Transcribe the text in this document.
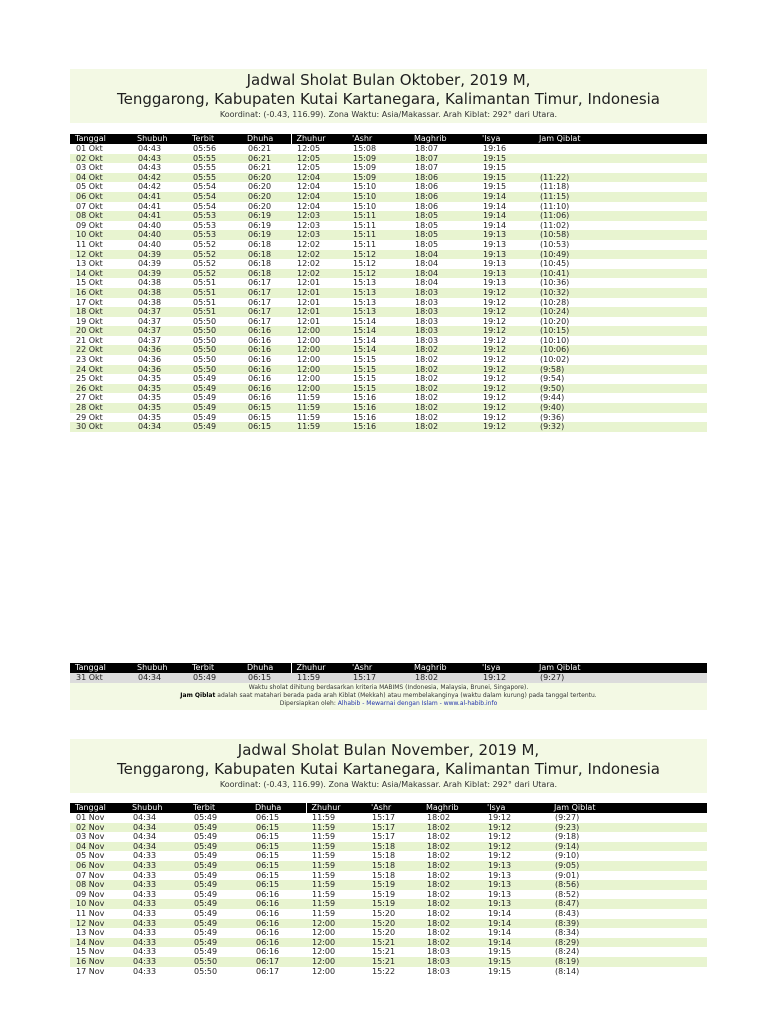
Jadwal Sholat Bulan Oktober, 2019 M,
Tenggarong, Kabupaten Kutai Kartanegara, Kalimantan Timur, Indonesia
Koordinat: (-0.43, 116.99). Zona Waktu: Asia/Makassar. Arah Kiblat: 292° dari Utara.
Tanggal	Shubuh	Terbit	Dhuha	Zhuhur	'Ashr	Maghrib	'Isya	Jam Qiblat
01 Okt	04:43	05:56	06:21	12:05	15:08	18:07	19:16	
02 Okt	04:43	05:55	06:21	12:05	15:09	18:07	19:15	
03 Okt	04:43	05:55	06:21	12:05	15:09	18:07	19:15	
04 Okt	04:42	05:55	06:20	12:04	15:09	18:06	19:15	(11:22)
05 Okt	04:42	05:54	06:20	12:04	15:10	18:06	19:15	(11:18)
06 Okt	04:41	05:54	06:20	12:04	15:10	18:06	19:14	(11:15)
07 Okt	04:41	05:54	06:20	12:04	15:10	18:06	19:14	(11:10)
08 Okt	04:41	05:53	06:19	12:03	15:11	18:05	19:14	(11:06)
09 Okt	04:40	05:53	06:19	12:03	15:11	18:05	19:14	(11:02)
10 Okt	04:40	05:53	06:19	12:03	15:11	18:05	19:13	(10:58)
11 Okt	04:40	05:52	06:18	12:02	15:11	18:05	19:13	(10:53)
12 Okt	04:39	05:52	06:18	12:02	15:12	18:04	19:13	(10:49)
13 Okt	04:39	05:52	06:18	12:02	15:12	18:04	19:13	(10:45)
14 Okt	04:39	05:52	06:18	12:02	15:12	18:04	19:13	(10:41)
15 Okt	04:38	05:51	06:17	12:01	15:13	18:04	19:13	(10:36)
16 Okt	04:38	05:51	06:17	12:01	15:13	18:03	19:12	(10:32)
17 Okt	04:38	05:51	06:17	12:01	15:13	18:03	19:12	(10:28)
18 Okt	04:37	05:51	06:17	12:01	15:13	18:03	19:12	(10:24)
19 Okt	04:37	05:50	06:17	12:01	15:14	18:03	19:12	(10:20)
20 Okt	04:37	05:50	06:16	12:00	15:14	18:03	19:12	(10:15)
21 Okt	04:37	05:50	06:16	12:00	15:14	18:03	19:12	(10:10)
22 Okt	04:36	05:50	06:16	12:00	15:14	18:02	19:12	(10:06)
23 Okt	04:36	05:50	06:16	12:00	15:15	18:02	19:12	(10:02)
24 Okt	04:36	05:50	06:16	12:00	15:15	18:02	19:12	(9:58)
25 Okt	04:35	05:49	06:16	12:00	15:15	18:02	19:12	(9:54)
26 Okt	04:35	05:49	06:16	12:00	15:15	18:02	19:12	(9:50)
27 Okt	04:35	05:49	06:16	11:59	15:16	18:02	19:12	(9:44)
28 Okt	04:35	05:49	06:15	11:59	15:16	18:02	19:12	(9:40)
29 Okt	04:35	05:49	06:15	11:59	15:16	18:02	19:12	(9:36)
30 Okt	04:34	05:49	06:15	11:59	15:16	18:02	19:12	(9:32)
Tanggal	Shubuh	Terbit	Dhuha	Zhuhur	'Ashr	Maghrib	'Isya	Jam Qiblat
31 Okt	04:34	05:49	06:15	11:59	15:17	18:02	19:12	(9:27)
Waktu sholat dihitung berdasarkan kriteria MABIMS (Indonesia, Malaysia, Brunei, Singapore).
Jam Qiblat adalah saat matahari berada pada arah Kiblat (Mekkah) atau membelakanginya (waktu dalam kurung) pada tanggal tertentu.
Dipersiapkan oleh: Alhabib - Mewarnai dengan Islam - www.al-habib.info
Jadwal Sholat Bulan November, 2019 M,
Tenggarong, Kabupaten Kutai Kartanegara, Kalimantan Timur, Indonesia
Koordinat: (-0.43, 116.99). Zona Waktu: Asia/Makassar. Arah Kiblat: 292° dari Utara.
Tanggal	Shubuh	Terbit	Dhuha	Zhuhur	'Ashr	Maghrib	'Isya	Jam Qiblat
01 Nov	04:34	05:49	06:15	11:59	15:17	18:02	19:12	(9:27)
02 Nov	04:34	05:49	06:15	11:59	15:17	18:02	19:12	(9:23)
03 Nov	04:34	05:49	06:15	11:59	15:17	18:02	19:12	(9:18)
04 Nov	04:34	05:49	06:15	11:59	15:18	18:02	19:12	(9:14)
05 Nov	04:33	05:49	06:15	11:59	15:18	18:02	19:12	(9:10)
06 Nov	04:33	05:49	06:15	11:59	15:18	18:02	19:13	(9:05)
07 Nov	04:33	05:49	06:15	11:59	15:18	18:02	19:13	(9:01)
08 Nov	04:33	05:49	06:15	11:59	15:19	18:02	19:13	(8:56)
09 Nov	04:33	05:49	06:16	11:59	15:19	18:02	19:13	(8:52)
10 Nov	04:33	05:49	06:16	11:59	15:19	18:02	19:13	(8:47)
11 Nov	04:33	05:49	06:16	11:59	15:20	18:02	19:14	(8:43)
12 Nov	04:33	05:49	06:16	12:00	15:20	18:02	19:14	(8:39)
13 Nov	04:33	05:49	06:16	12:00	15:20	18:02	19:14	(8:34)
14 Nov	04:33	05:49	06:16	12:00	15:21	18:02	19:14	(8:29)
15 Nov	04:33	05:49	06:16	12:00	15:21	18:03	19:15	(8:24)
16 Nov	04:33	05:50	06:17	12:00	15:21	18:03	19:15	(8:19)
17 Nov	04:33	05:50	06:17	12:00	15:22	18:03	19:15	(8:14)
